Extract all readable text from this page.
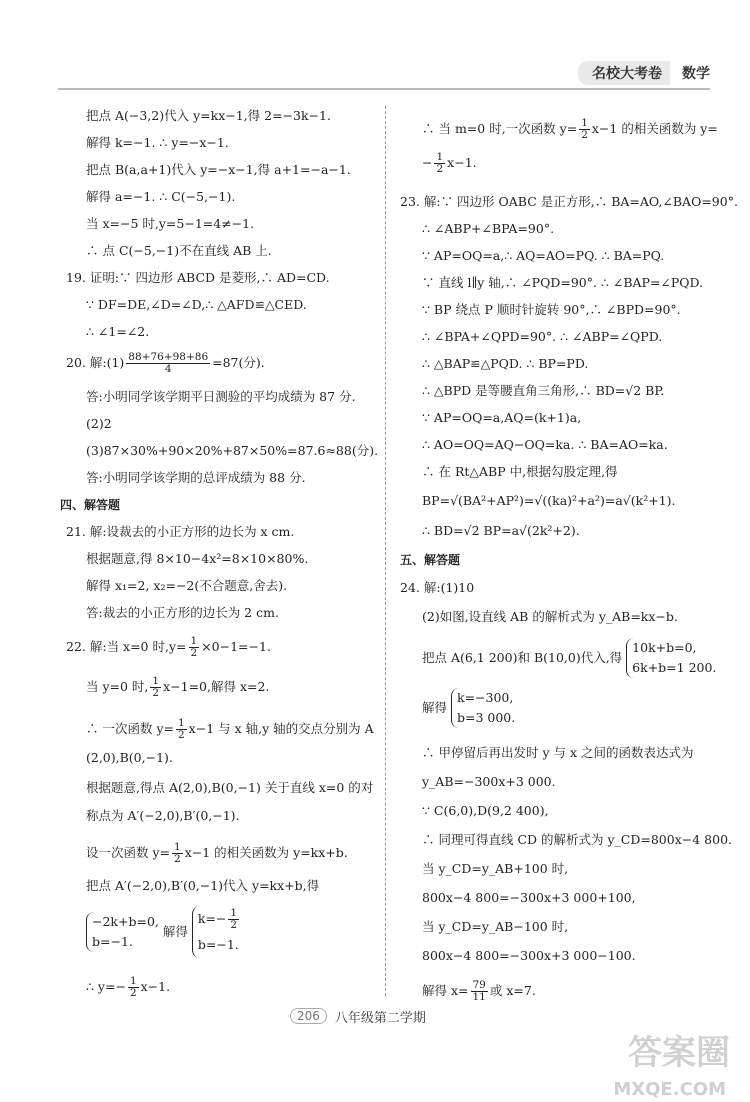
名校大考卷	数学
把点 A(−3,2)代入 y=kx−1,得 2=−3k−1.
解得 k=−1. ∴ y=−x−1.
把点 B(a,a+1)代入 y=−x−1,得 a+1=−a−1.
解得 a=−1. ∴ C(−5,−1).
当 x=−5 时,y=5−1=4≠−1.
∴ 点 C(−5,−1)不在直线 AB 上.
19. 证明:∵ 四边形 ABCD 是菱形,∴ AD=CD.
∵ DF=DE,∠D=∠D,∴ △AFD≌△CED.
∴ ∠1=∠2.
20. 解:(1) $\frac{88+76+98+86}{4} =87$(分).
答:小明同学该学期平日测验的平均成绩为 87 分.
(2)2
(3)87×30%+90×20%+87×50%=87.6≈88(分).
答:小明同学该学期的总评成绩为 88 分.
四、解答题
21. 解:设裁去的小正方形的边长为 x cm.
根据题意,得 8×10−4x²=8×10×80%.
解得 x₁=2, x₂=−2(不合题意,舍去).
答:裁去的小正方形的边长为 2 cm.
22. 解:当 x=0 时$,y= \frac{1}{2} \times 0-1=-1$.
当 y=0 时, $\frac{1}{2} x-1=0$,解得 x=2.
∴ 一次函数 $y= \frac{1}{2} x-1$ 与 x 轴,y 轴的交点分别为 A
(2,0),B(0,−1).
根据题意,得点 A(2,0),B(0,−1) 关于直线 x=0 的对
称点为 A′(−2,0),B′(0,−1).
设一次函数 $y= \frac{1}{2} x-1$ 的相关函数为 y=kx+b.
把点 A′(−2,0),B′(0,−1)代入 y=kx+b,得
−2k+b=0,
b=−1. 解得 $k=- \frac{1}{2}$

b=−1.
∴ $y=- \frac{1}{2} x-1$.
∴ 当 m=0 时,一次函数 $y= \frac{1}{2} x-1$ 的相关函数为 y=
− $\frac{1}{2} x-1$.
23. 解:∵ 四边形 OABC 是正方形,∴ BA=AO,∠BAO=90°.
∴ ∠ABP+∠BPA=90°.
∵ AP=OQ=a,∴ AQ=AO=PQ. ∴ BA=PQ.
∵ 直线 l∥y 轴,∴ ∠PQD=90°. ∴ ∠BAP=∠PQD.
∵ BP 绕点 P 顺时针旋转 90°,∴ ∠BPD=90°.
∴ ∠BPA+∠QPD=90°. ∴ ∠ABP=∠QPD.
∴ △BAP≌△PQD. ∴ BP=PD.
∴ △BPD 是等腰直角三角形,∴ BD=√2 BP.
∵ AP=OQ=a,AQ=(k+1)a,
∴ AO=OQ=AQ−OQ=ka. ∴ BA=AO=ka.
∴ 在 Rt△ABP 中,根据勾股定理,得
BP=√(BA²+AP²)=√((ka)²+a²)=a√(k²+1).
∴ BD=√2 BP=a√(2k²+2).
五、解答题
24. 解:(1)10
(2)如图,设直线 AB 的解析式为 y_AB=kx−b.
把点 A(6,1 200)和 B(10,0)代入,得 10k+b=0,
6k+b=1 200.
解得 k=−300,
b=3 000.
∴ 甲停留后再出发时 y 与 x 之间的函数表达式为
y_AB=−300x+3 000.
∵ C(6,0),D(9,2 400),
∴ 同理可得直线 CD 的解析式为 y_CD=800x−4 800.
当 y_CD=y_AB+100 时,
800x−4 800=−300x+3 000+100,
当 y_CD=y_AB−100 时,
800x−4 800=−300x+3 000−100.
解得 $x= \frac{79}{11}$ 或 x=7.
206	八年级第二学期
答案圈
MXQE.COM
